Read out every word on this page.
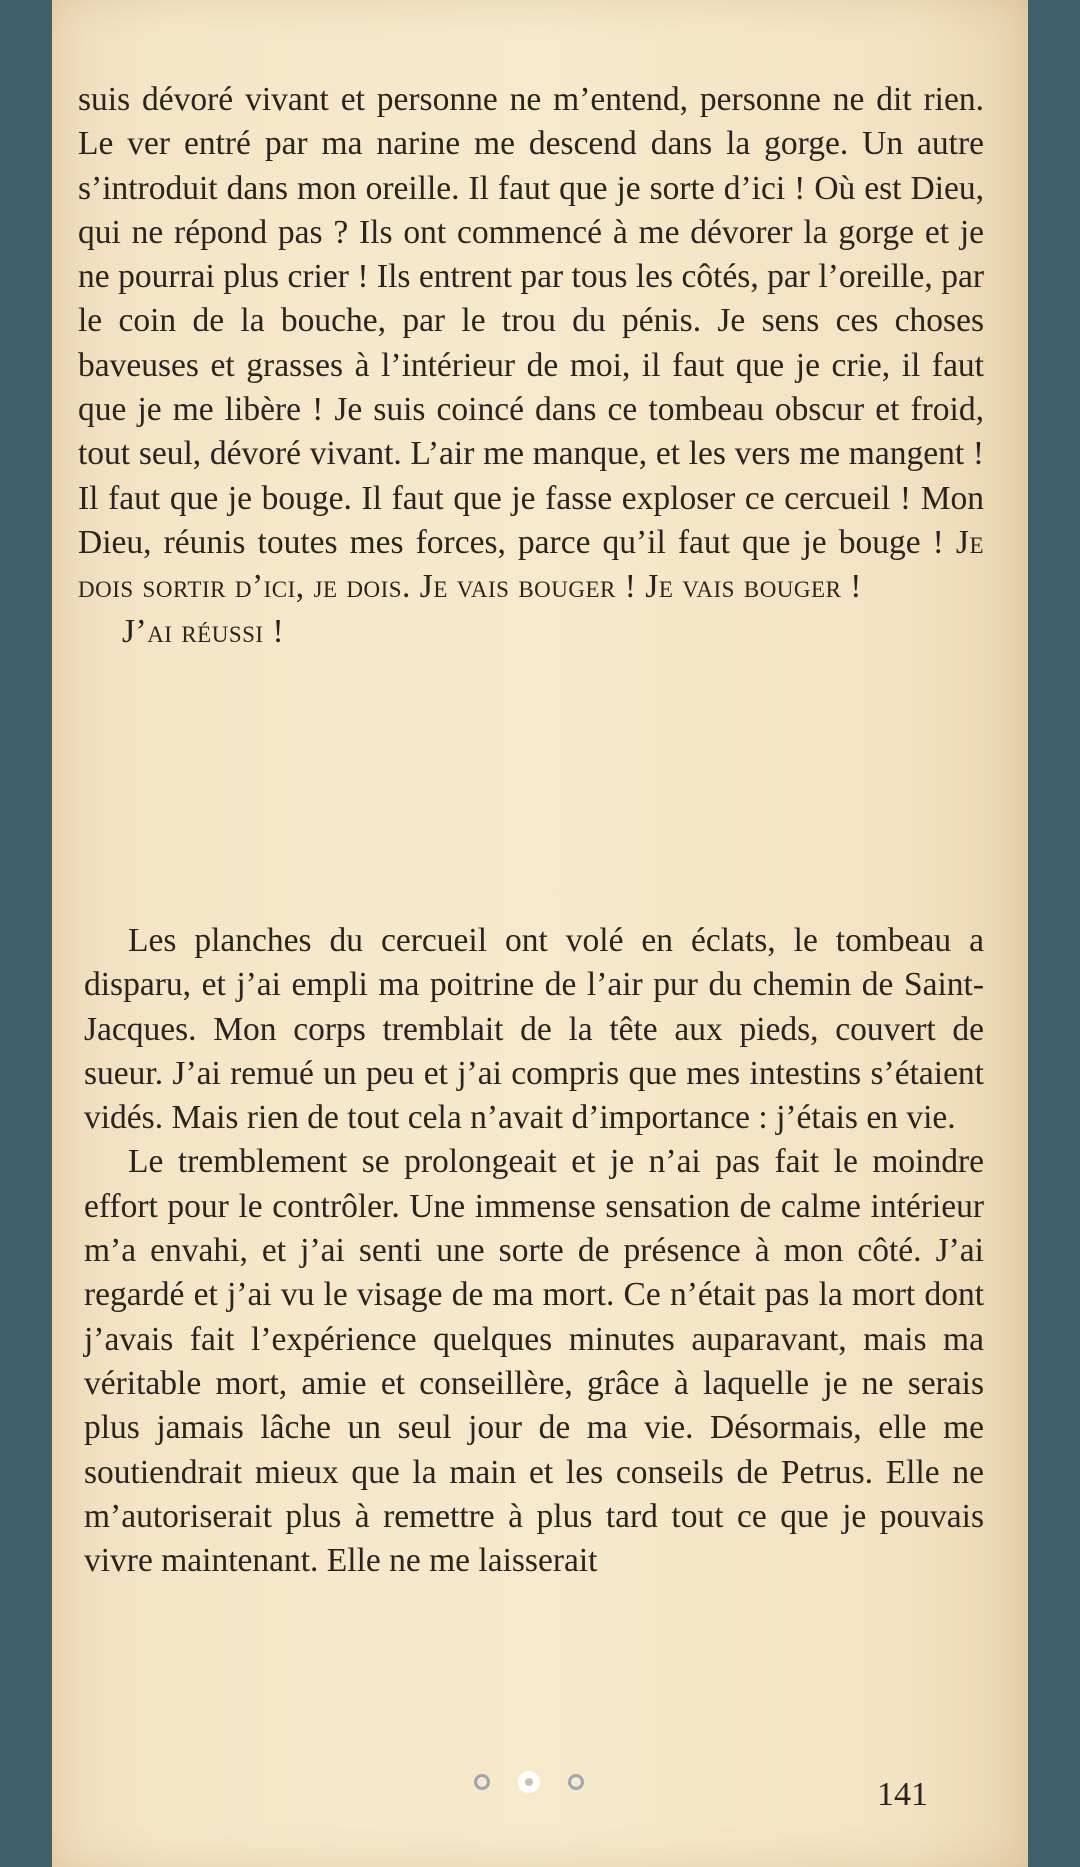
suis dévoré vivant et personne ne m’entend, personne ne dit rien. Le ver entré par ma narine me descend dans la gorge. Un autre s’introduit dans mon oreille. Il faut que je sorte d’ici ! Où est Dieu, qui ne répond pas ? Ils ont commencé à me dévorer la gorge et je ne pourrai plus crier ! Ils entrent par tous les côtés, par l’oreille, par le coin de la bouche, par le trou du pénis. Je sens ces choses baveuses et grasses à l’intérieur de moi, il faut que je crie, il faut que je me libère ! Je suis coincé dans ce tombeau obscur et froid, tout seul, dévoré vivant. L’air me manque, et les vers me mangent ! Il faut que je bouge. Il faut que je fasse exploser ce cercueil ! Mon Dieu, réunis toutes mes forces, parce qu’il faut que je bouge ! Je dois sortir d’ici, je dois. Je vais bouger ! Je vais bouger !

J’ai réussi !

Les planches du cercueil ont volé en éclats, le tombeau a disparu, et j’ai empli ma poitrine de l’air pur du chemin de Saint-Jacques. Mon corps tremblait de la tête aux pieds, couvert de sueur. J’ai remué un peu et j’ai compris que mes intestins s’étaient vidés. Mais rien de tout cela n’avait d’importance : j’étais en vie.

Le tremblement se prolongeait et je n’ai pas fait le moindre effort pour le contrôler. Une immense sensation de calme intérieur m’a envahi, et j’ai senti une sorte de présence à mon côté. J’ai regardé et j’ai vu le visage de ma mort. Ce n’était pas la mort dont j’avais fait l’expérience quelques minutes auparavant, mais ma véritable mort, amie et conseillère, grâce à laquelle je ne serais plus jamais lâche un seul jour de ma vie. Désormais, elle me soutiendrait mieux que la main et les conseils de Petrus. Elle ne m’autoriserait plus à remettre à plus tard tout ce que je pouvais vivre maintenant. Elle ne me laisserait

141
